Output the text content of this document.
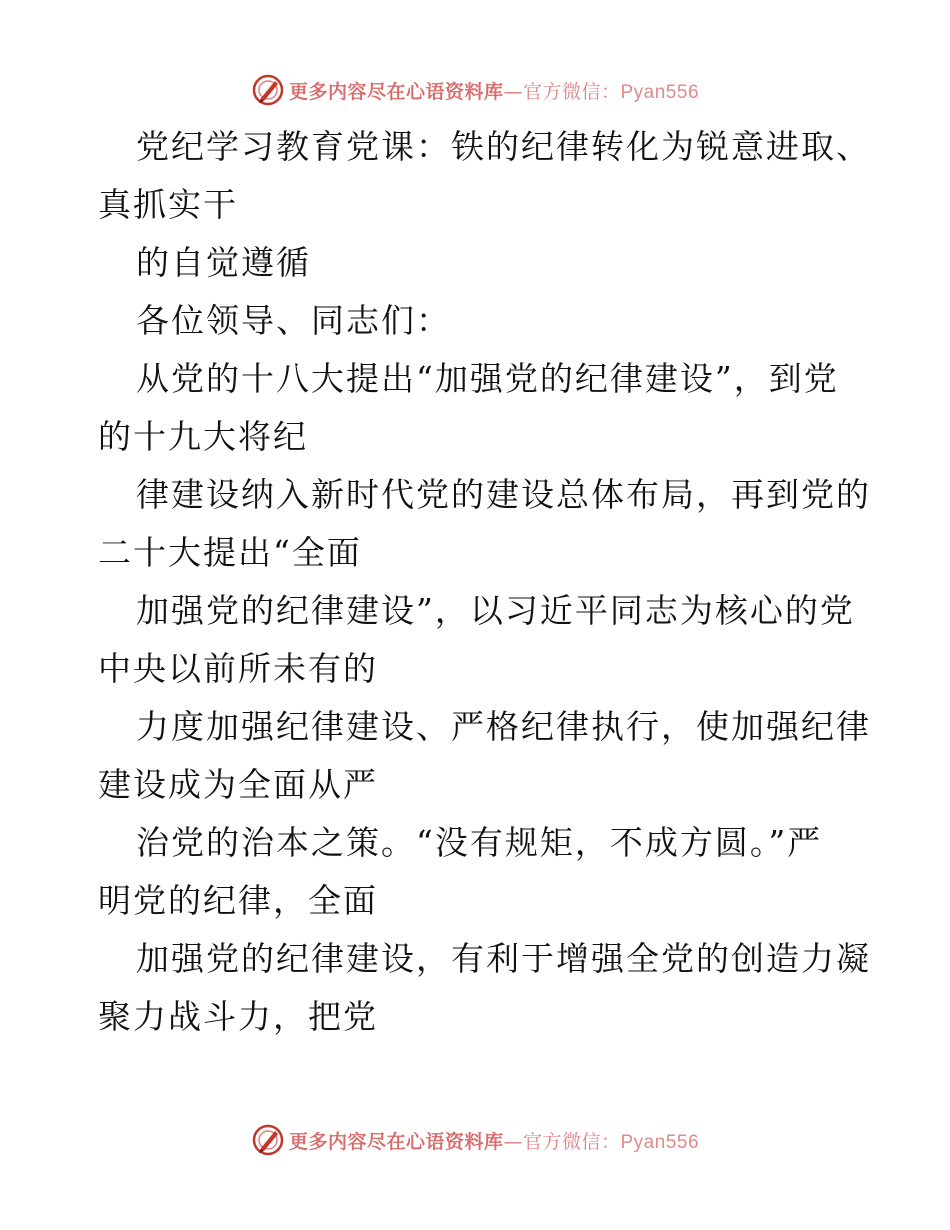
更多内容尽在心语资料库—官方微信：Pyan556

党纪学习教育党课：铁的纪律转化为锐意进取、
真抓实干

的自觉遵循

各位领导、同志们：

从党的十八大提出“加强党的纪律建设”，到党
的十九大将纪

律建设纳入新时代党的建设总体布局，再到党的
二十大提出“全面

加强党的纪律建设”，以习近平同志为核心的党
中央以前所未有的

力度加强纪律建设、严格纪律执行，使加强纪律
建设成为全面从严

治党的治本之策。“没有规矩，不成方圆。”严
明党的纪律，全面

加强党的纪律建设，有利于增强全党的创造力凝
聚力战斗力，把党

更多内容尽在心语资料库—官方微信：Pyan556
